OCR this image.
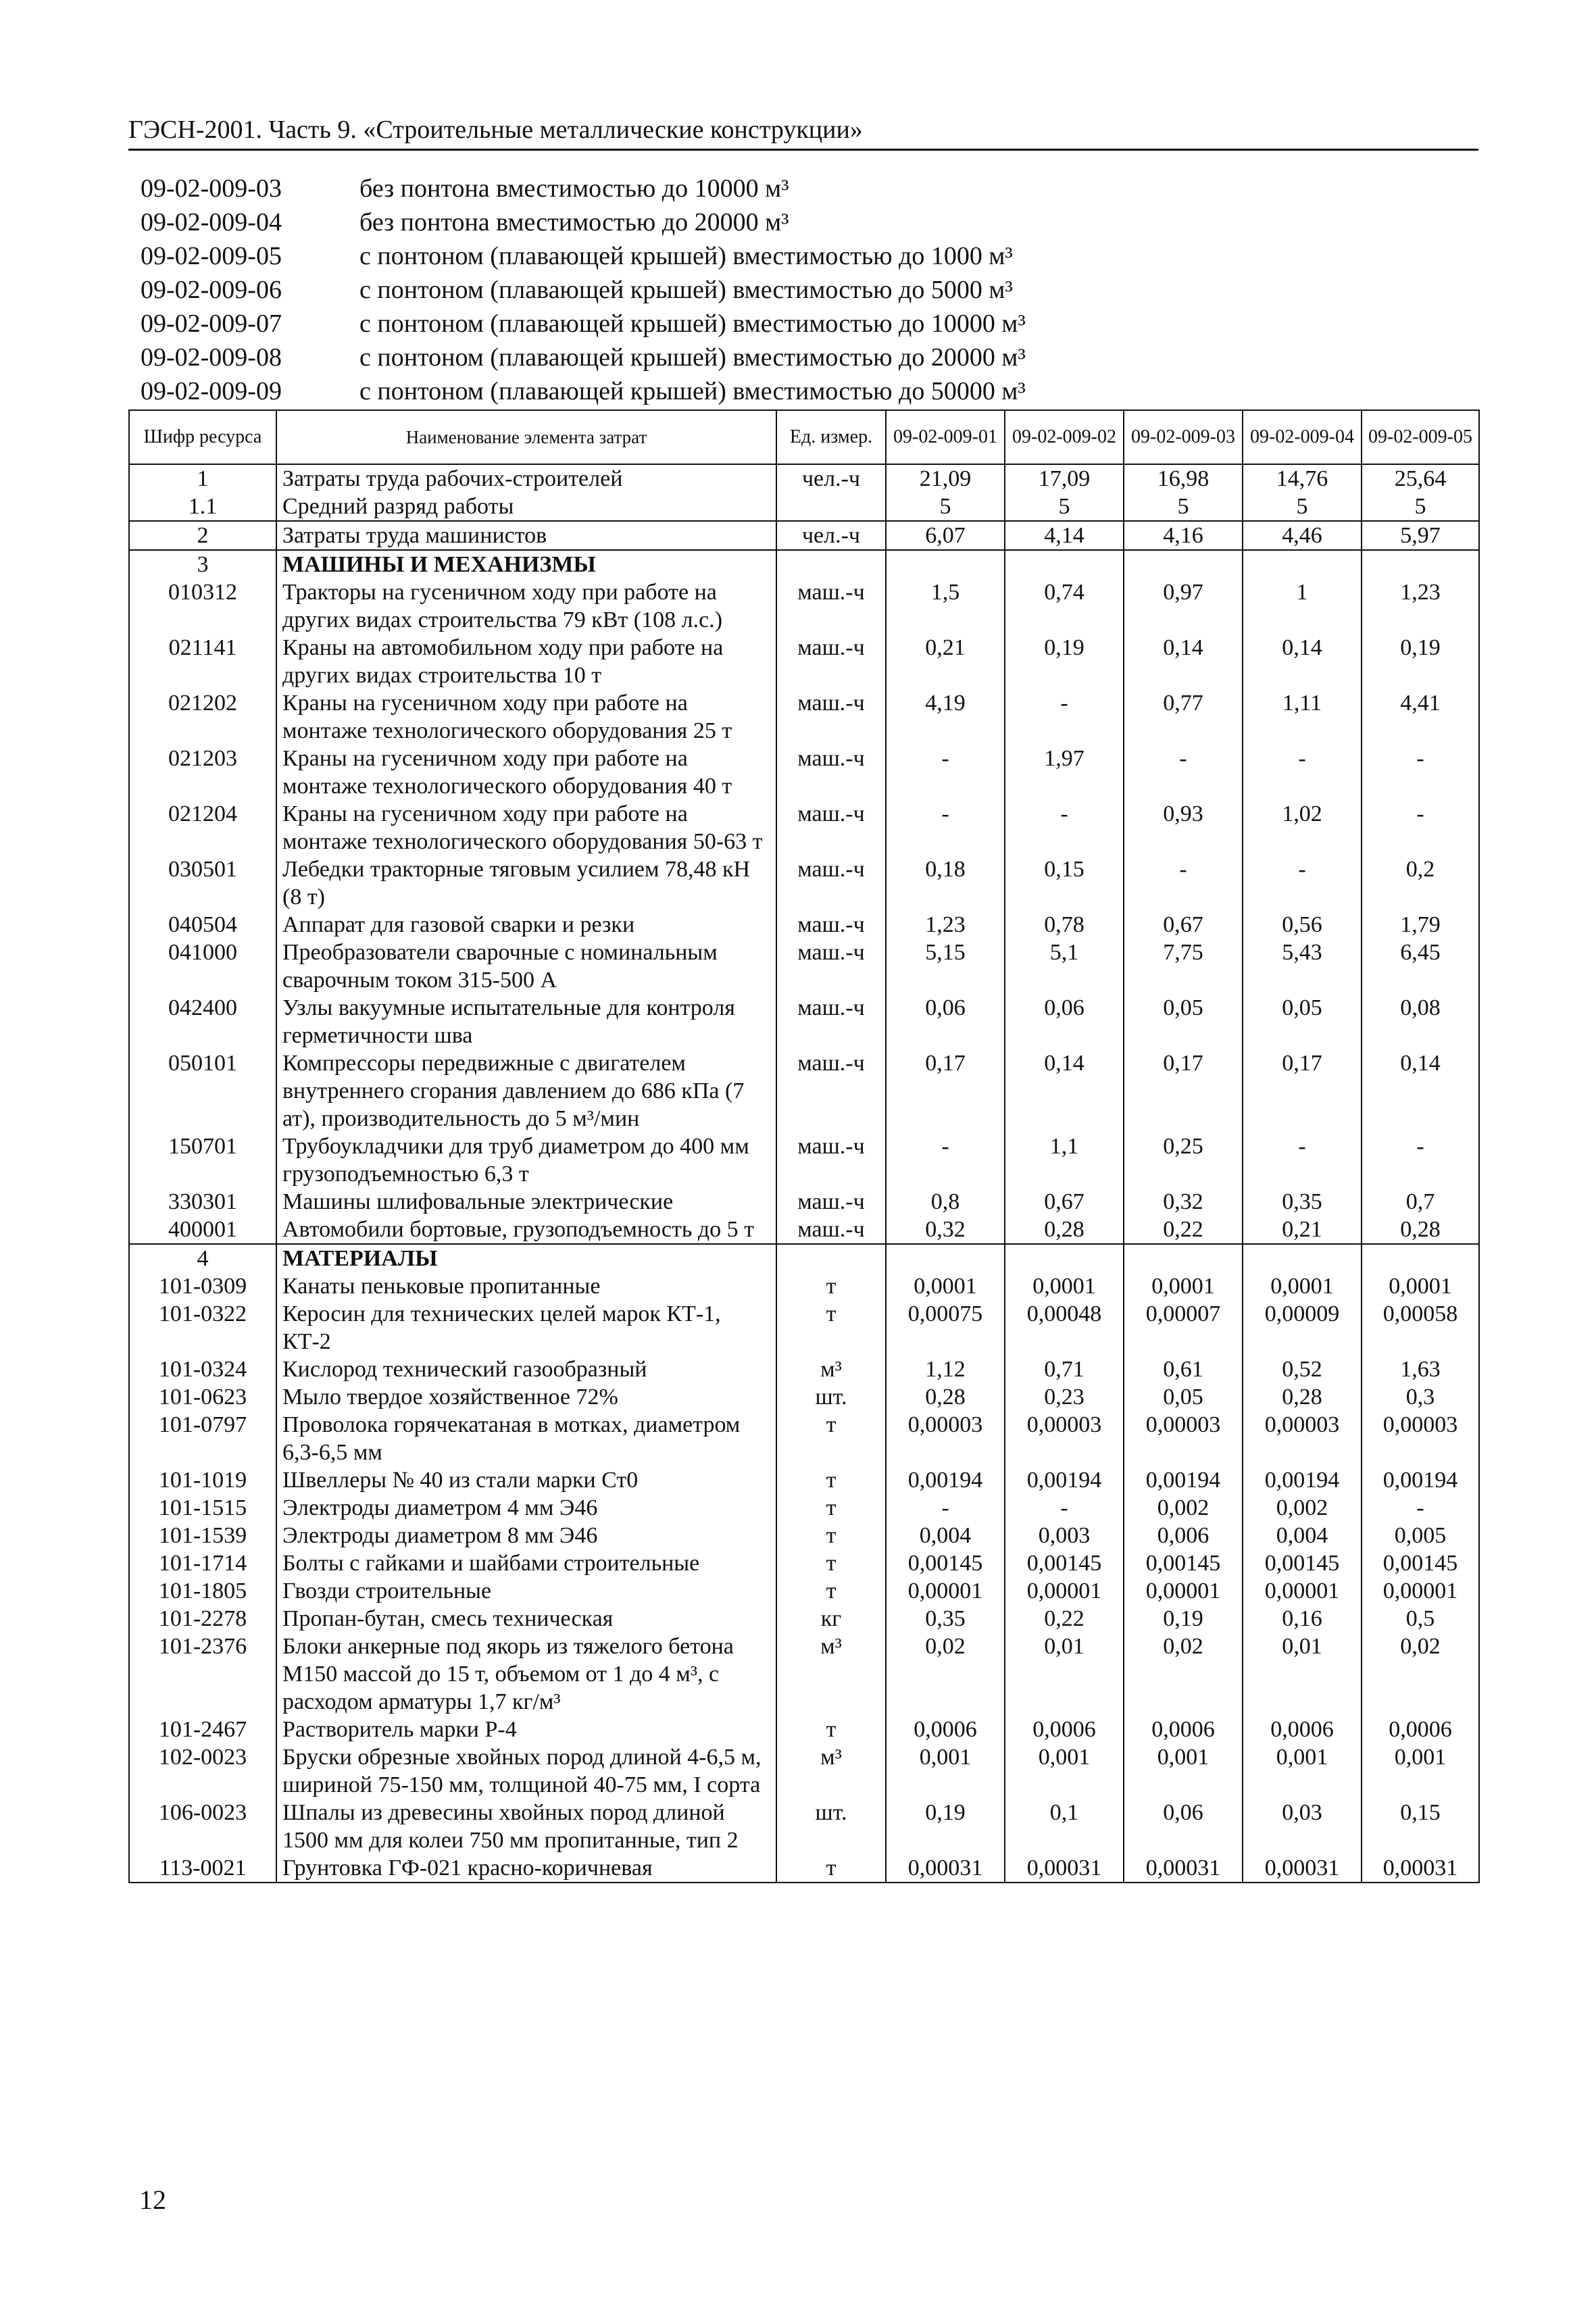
ГЭСН-2001. Часть 9. «Строительные металлические конструкции»
09-02-009-03	без понтона вместимостью до 10000 м³
09-02-009-04	без понтона вместимостью до 20000 м³
09-02-009-05	с понтоном (плавающей крышей) вместимостью до 1000 м³
09-02-009-06	с понтоном (плавающей крышей) вместимостью до 5000 м³
09-02-009-07	с понтоном (плавающей крышей) вместимостью до 10000 м³
09-02-009-08	с понтоном (плавающей крышей) вместимостью до 20000 м³
09-02-009-09	с понтоном (плавающей крышей) вместимостью до 50000 м³
Шифр ресурса	Наименование элемента затрат	Ед. измер.	09-02-009-01	09-02-009-02	09-02-009-03	09-02-009-04	09-02-009-05
1	Затраты труда рабочих-строителей	чел.-ч	21,09	17,09	16,98	14,76	25,64
1.1	Средний разряд работы		5	5	5	5	5
2	Затраты труда машинистов	чел.-ч	6,07	4,14	4,16	4,46	5,97
3	МАШИНЫ И МЕХАНИЗМЫ						
010312	Тракторы на гусеничном ходу при работе на других видах строительства 79 кВт (108 л.с.)	маш.-ч	1,5	0,74	0,97	1	1,23
021141	Краны на автомобильном ходу при работе на других видах строительства 10 т	маш.-ч	0,21	0,19	0,14	0,14	0,19
021202	Краны на гусеничном ходу при работе на монтаже технологического оборудования 25 т	маш.-ч	4,19	-	0,77	1,11	4,41
021203	Краны на гусеничном ходу при работе на монтаже технологического оборудования 40 т	маш.-ч	-	1,97	-	-	-
021204	Краны на гусеничном ходу при работе на монтаже технологического оборудования 50-63 т	маш.-ч	-	-	0,93	1,02	-
030501	Лебедки тракторные тяговым усилием 78,48 кН (8 т)	маш.-ч	0,18	0,15	-	-	0,2
040504	Аппарат для газовой сварки и резки	маш.-ч	1,23	0,78	0,67	0,56	1,79
041000	Преобразователи сварочные с номинальным сварочным током 315-500 А	маш.-ч	5,15	5,1	7,75	5,43	6,45
042400	Узлы вакуумные испытательные для контроля герметичности шва	маш.-ч	0,06	0,06	0,05	0,05	0,08
050101	Компрессоры передвижные с двигателем внутреннего сгорания давлением до 686 кПа (7 ат), производительность до 5 м³/мин	маш.-ч	0,17	0,14	0,17	0,17	0,14
150701	Трубоукладчики для труб диаметром до 400 мм грузоподъемностью 6,3 т	маш.-ч	-	1,1	0,25	-	-
330301	Машины шлифовальные электрические	маш.-ч	0,8	0,67	0,32	0,35	0,7
400001	Автомобили бортовые, грузоподъемность до 5 т	маш.-ч	0,32	0,28	0,22	0,21	0,28
4	МАТЕРИАЛЫ						
101-0309	Канаты пеньковые пропитанные	т	0,0001	0,0001	0,0001	0,0001	0,0001
101-0322	Керосин для технических целей марок КТ-1, КТ-2	т	0,00075	0,00048	0,00007	0,00009	0,00058
101-0324	Кислород технический газообразный	м³	1,12	0,71	0,61	0,52	1,63
101-0623	Мыло твердое хозяйственное 72%	шт.	0,28	0,23	0,05	0,28	0,3
101-0797	Проволока горячекатаная в мотках, диаметром 6,3-6,5 мм	т	0,00003	0,00003	0,00003	0,00003	0,00003
101-1019	Швеллеры № 40 из стали марки Ст0	т	0,00194	0,00194	0,00194	0,00194	0,00194
101-1515	Электроды диаметром 4 мм Э46	т	-	-	0,002	0,002	-
101-1539	Электроды диаметром 8 мм Э46	т	0,004	0,003	0,006	0,004	0,005
101-1714	Болты с гайками и шайбами строительные	т	0,00145	0,00145	0,00145	0,00145	0,00145
101-1805	Гвозди строительные	т	0,00001	0,00001	0,00001	0,00001	0,00001
101-2278	Пропан-бутан, смесь техническая	кг	0,35	0,22	0,19	0,16	0,5
101-2376	Блоки анкерные под якорь из тяжелого бетона М150 массой до 15 т, объемом от 1 до 4 м³, с расходом арматуры 1,7 кг/м³	м³	0,02	0,01	0,02	0,01	0,02
101-2467	Растворитель марки Р-4	т	0,0006	0,0006	0,0006	0,0006	0,0006
102-0023	Бруски обрезные хвойных пород длиной 4-6,5 м, шириной 75-150 мм, толщиной 40-75 мм, I сорта	м³	0,001	0,001	0,001	0,001	0,001
106-0023	Шпалы из древесины хвойных пород длиной 1500 мм для колеи 750 мм пропитанные, тип 2	шт.	0,19	0,1	0,06	0,03	0,15
113-0021	Грунтовка ГФ-021 красно-коричневая	т	0,00031	0,00031	0,00031	0,00031	0,00031
12
